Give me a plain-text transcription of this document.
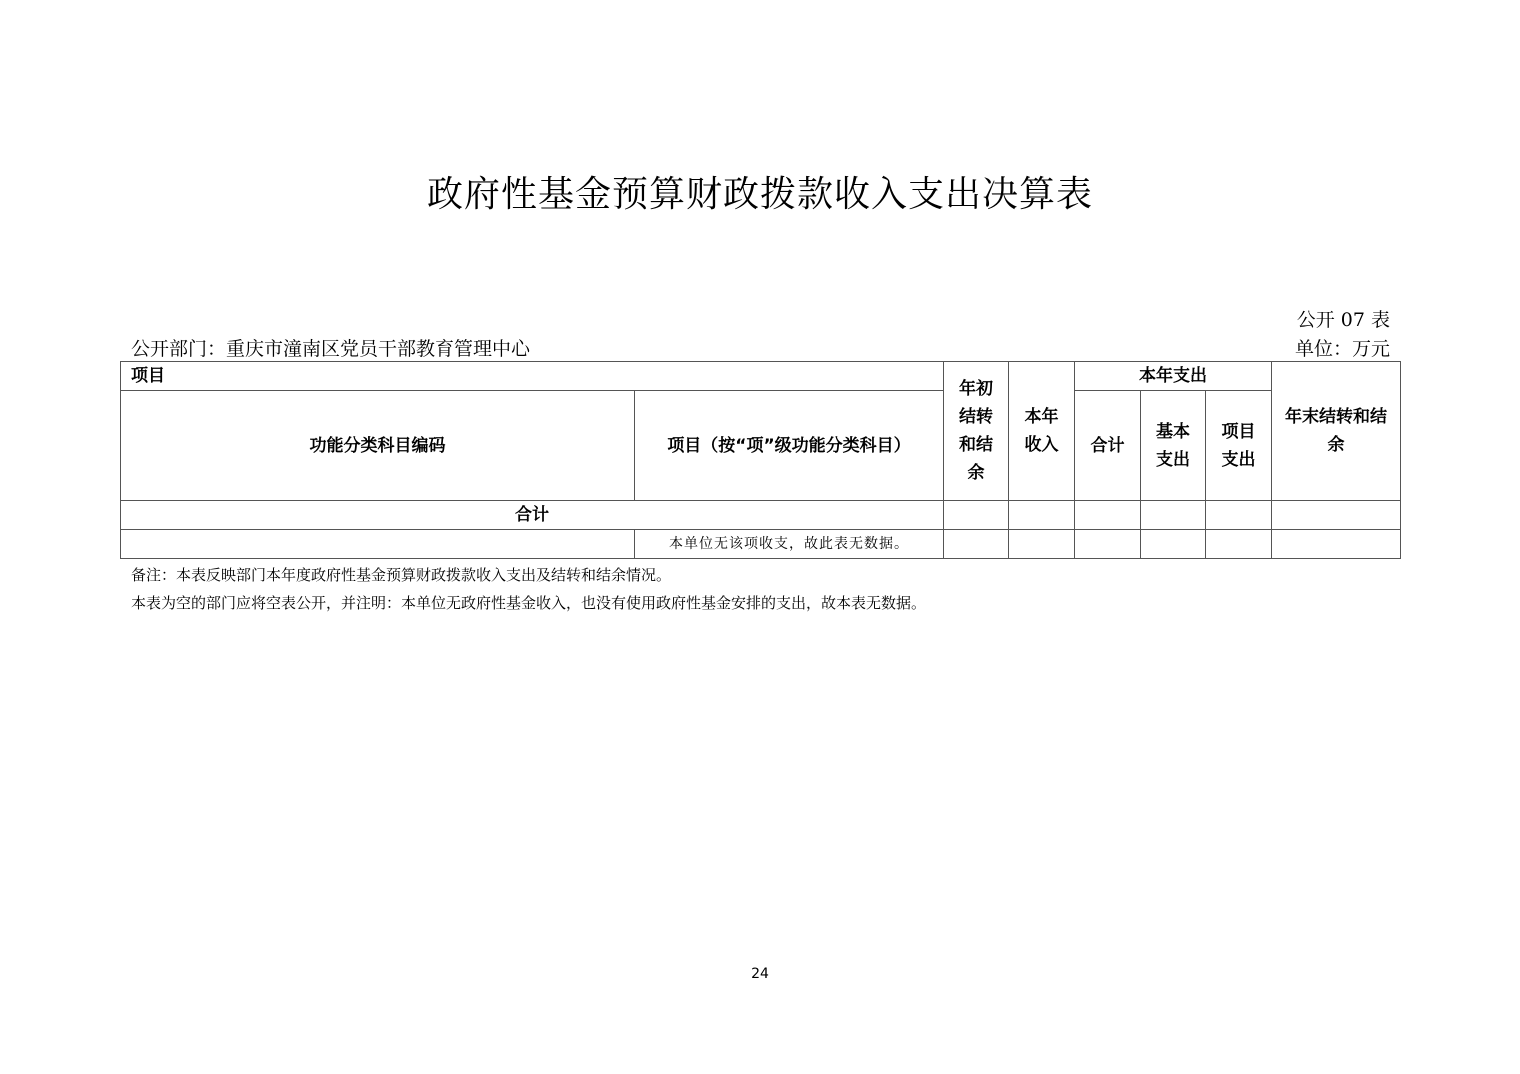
政府性基金预算财政拨款收入支出决算表
公开 07 表
公开部门：重庆市潼南区党员干部教育管理中心	单位：万元
项目		年初结转和结余	本年收入	本年支出			年末结转和结余
功能分类科目编码	项目（按“项”级功能分类科目）			合计	基本支出	项目支出	
合计							
	本单位无该项收支，故此表无数据。						
备注：本表反映部门本年度政府性基金预算财政拨款收入支出及结转和结余情况。
本表为空的部门应将空表公开，并注明：本单位无政府性基金收入，也没有使用政府性基金安排的支出，故本表无数据。
24
